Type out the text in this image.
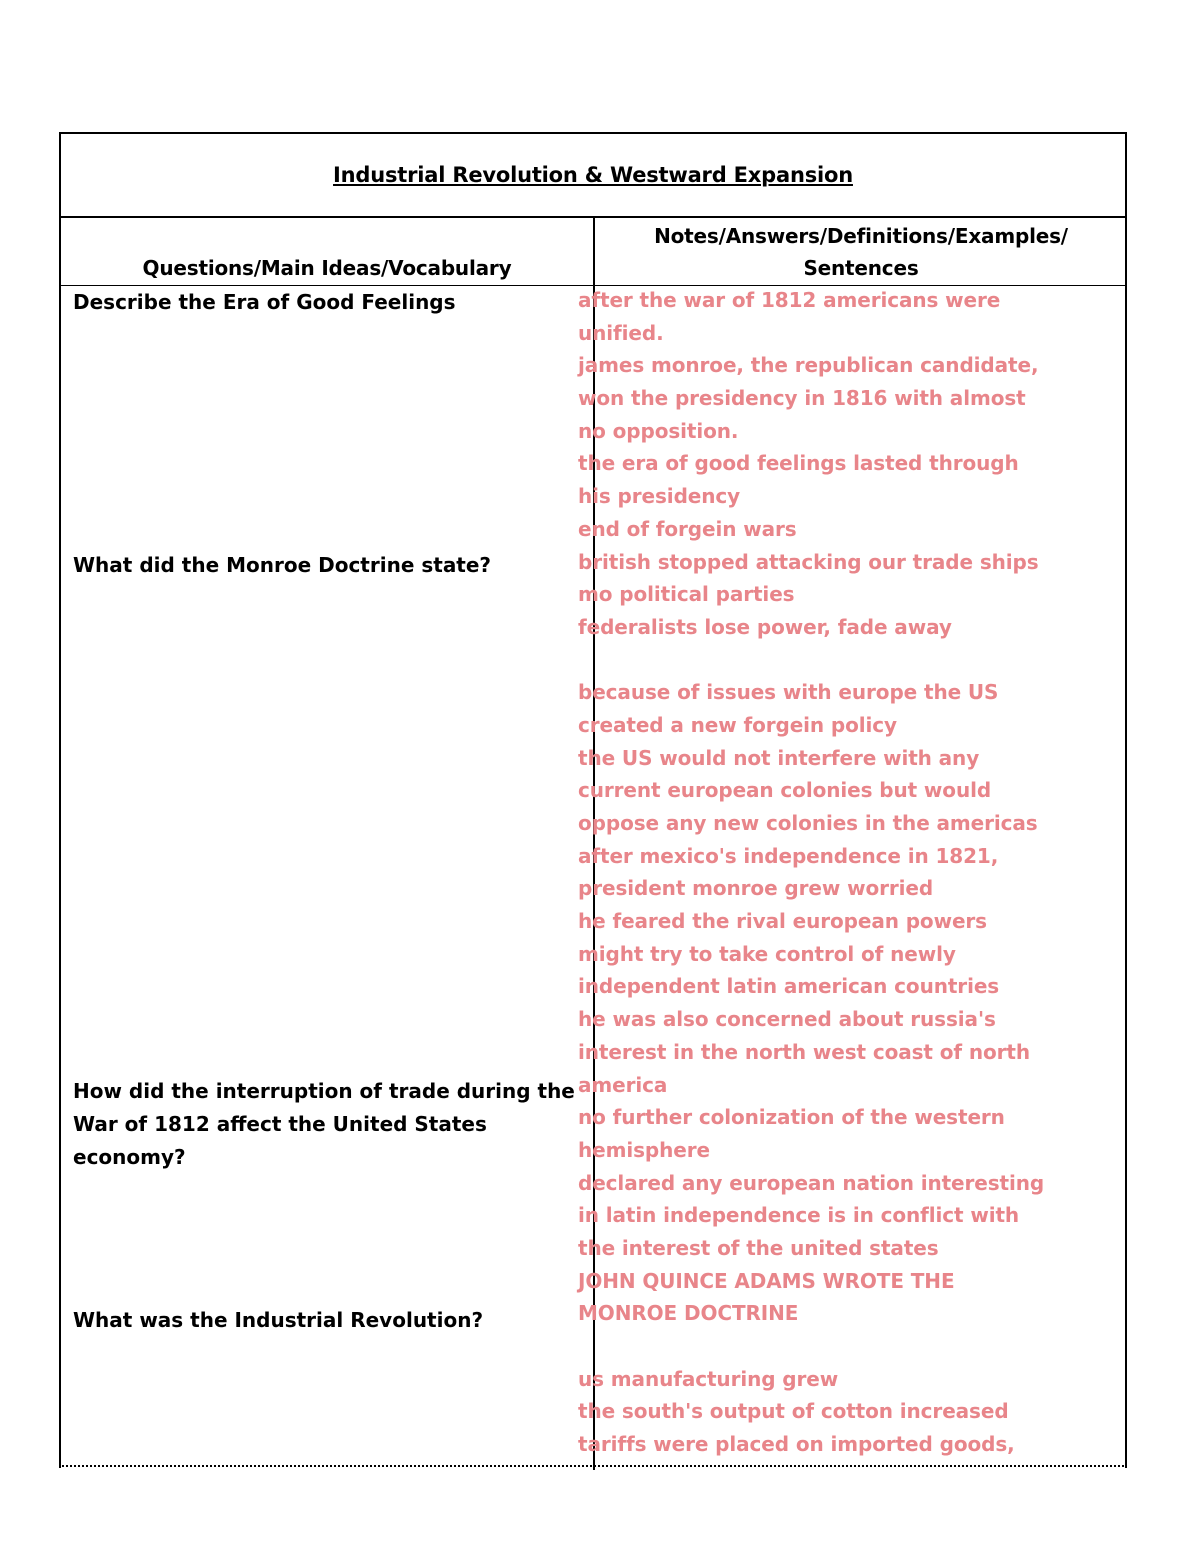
Industrial Revolution & Westward Expansion
Questions/Main Ideas/Vocabulary
Notes/Answers/Definitions/Examples/
Sentences

Describe the Era of Good Feelings

What did the Monroe Doctrine state?

How did the interruption of trade during the War of 1812 affect the United States economy?

What was the Industrial Revolution?

after the war of 1812 americans were
unified.
james monroe, the republican candidate,
won the presidency in 1816 with almost
no opposition.
the era of good feelings lasted through
his presidency
end of forgein wars
british stopped attacking our trade ships
mo political parties
federalists lose power, fade away
because of issues with europe the US
created a new forgein policy
the US would not interfere with any
current european colonies but would
oppose any new colonies in the americas
after mexico's independence in 1821,
president monroe grew worried
he feared the rival european powers
might try to take control of newly
independent latin american countries
he was also concerned about russia's
interest in the north west coast of north
america
no further colonization of the western
hemisphere
declared any european nation interesting
in latin independence is in conflict with
the interest of the united states
JOHN QUINCE ADAMS WROTE THE
MONROE DOCTRINE
us manufacturing grew
the south's output of cotton increased
tariffs were placed on imported goods,
